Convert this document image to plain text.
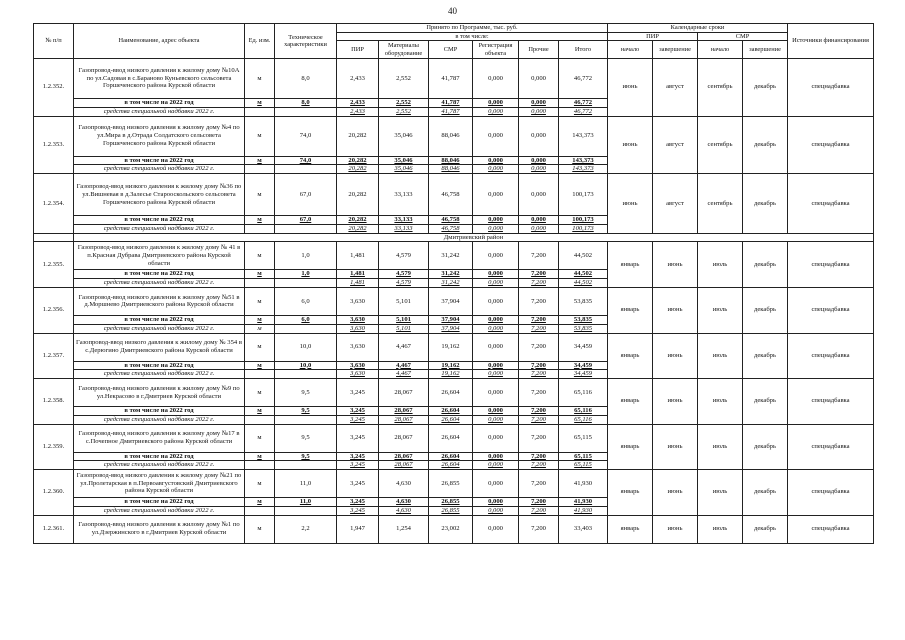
40
№ п/п	Наименование, адрес объекта	Ед. изм.	Техническое характеристики	Принято по Программе, тыс. руб.						Календарные сроки				Источники финансирования
				в том числе:						ПИР		СМР		
				ПИР	Материалы оборудование	СМР	Регистрация объекта	Прочие	Итого	начало	завершение	начало	завершение	

1.2.352.	Газопровод-ввод низкого давления к жилому дому №10А по ул.Садовая в с.Бараново Куньевского сельсовета Горшеченского района Курской области	м	8,0	2,433	2,552	41,787	0,000	0,000	46,772	июнь	август	сентябрь	декабрь	спецнадбавка
	в том числе на 2022 год	м	8,0	2,433	2,552	41,787	0,000	0,000	46,772					
	средства специальной надбавки 2022 г.			2,433	2,552	41,787	0,000	0,000	46,772					
1.2.353.	Газопровод-ввод низкого давления к жилому дому №4 по ул.Мира в д.Отрада Солдатского сельсовета Горшеченского района Курской области	м	74,0	20,282	35,046	88,046	0,000	0,000	143,373	июнь	август	сентябрь	декабрь	спецнадбавка
	в том числе на 2022 год	м	74,0	20,282	35,046	88,046	0,000	0,000	143,373					
	средства специальной надбавки 2022 г.			20,282	35,046	88,046	0,000	0,000	143,373					
1.2.354.	Газопровод-ввод низкого давления к жилому дому №36 по ул.Вишневая в д.Залесье Старооскольского сельсовета Горшеченского района Курской области	м	67,0	20,282	33,133	46,758	0,000	0,000	100,173	июнь	август	сентябрь	декабрь	спецнадбавка
	в том числе на 2022 год	м	67,0	20,282	33,133	46,758	0,000	0,000	100,173					
	средства специальной надбавки 2022 г.			20,282	33,133	46,758	0,000	0,000	100,173					
	Дмитриевский район													
1.2.355.	Газопровод-ввод низкого давления к жилому дому № 41 в п.Красная Дубрава Дмитриевского района Курской области	м	1,0	1,481	4,579	31,242	0,000	7,200	44,502	январь	июнь	июль	декабрь	спецнадбавка
	в том числе на 2022 год	м	1,0	1,481	4,579	31,242	0,000	7,200	44,502					
	средства специальной надбавки 2022 г.			1,481	4,579	31,242	0,000	7,200	44,502					
1.2.356.	Газопровод-ввод низкого давления к жилому дому №51 в д.Моршнево Дмитриевского района Курской области	м	6,0	3,630	5,101	37,904	0,000	7,200	53,835	январь	июнь	июль	декабрь	спецнадбавка
	в том числе на 2022 год	м	6,0	3,630	5,101	37,904	0,000	7,200	53,835					
	средства специальной надбавки 2022 г.	м		3,630	5,101	37,904	0,000	7,200	53,835					
1.2.357.	Газопровод-ввод низкого давления к жилому дому № 354 в с.Дерюгино Дмитриевского района Курской области	м	10,0	3,630	4,467	19,162	0,000	7,200	34,459	январь	июнь	июль	декабрь	спецнадбавка
	в том числе на 2022 год	м	10,0	3,630	4,467	19,162	0,000	7,200	34,459					
	средства специальной надбавки 2022 г.			3,630	4,467	19,162	0,000	7,200	34,459					
1.2.358.	Газопровод-ввод низкого давления к жилому дому №9 по ул.Некрасово в г.Дмитриев Курской области	м	9,5	3,245	28,067	26,604	0,000	7,200	65,116	январь	июнь	июль	декабрь	спецнадбавка
	в том числе на 2022 год	м	9,5	3,245	28,067	26,604	0,000	7,200	65,116					
	средства специальной надбавки 2022 г.			3,245	28,067	26,604	0,000	7,200	65,116					
1.2.359.	Газопровод-ввод низкого давления к жилому дому №17 в с.Почепное Дмитриевского района Курской области	м	9,5	3,245	28,067	26,604	0,000	7,200	65,115	январь	июнь	июль	декабрь	спецнадбавка
	в том числе на 2022 год	м	9,5	3,245	28,067	26,604	0,000	7,200	65,115					
	средства специальной надбавки 2022 г.			3,245	28,067	26,604	0,000	7,200	65,115					
1.2.360.	Газопровод-ввод низкого давления к жилому дому №21 по ул.Пролетарская в п.Первоавгустовский Дмитриевского района Курской области	м	11,0	3,245	4,630	26,855	0,000	7,200	41,930	январь	июнь	июль	декабрь	спецнадбавка
	в том числе на 2022 год	м	11,0	3,245	4,630	26,855	0,000	7,200	41,930					
	средства специальной надбавки 2022 г.			3,245	4,630	26,855	0,000	7,200	41,930					
1.2.361.	Газопровод-ввод низкого давления к жилому дому №1 по ул.Дзержинского в г.Дмитриев Курской области	м	2,2	1,947	1,254	23,002	0,000	7,200	33,403	январь	июнь	июль	декабрь	спецнадбавка
